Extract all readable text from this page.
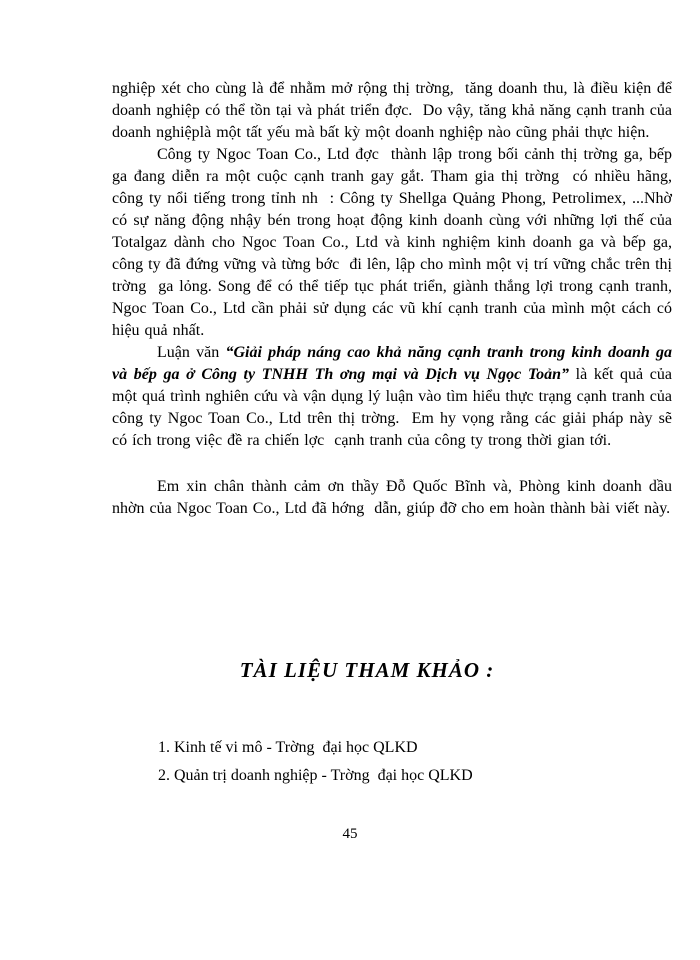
nghiệp xét cho cùng là để nhằm mở rộng thị trờng,  tăng doanh thu, là điều kiện để doanh nghiệp có thể tồn tại và phát triển đợc.  Do vậy, tăng khả năng cạnh tranh của doanh nghiệplà một tất yếu mà bất kỳ một doanh nghiệp nào cũng phải thực hiện.

Công ty Ngoc Toan Co., Ltd đợc  thành lập trong bối cảnh thị trờng ga, bếp ga đang diễn ra một cuộc cạnh tranh gay gắt. Tham gia thị trờng  có nhiều hãng, công ty nổi tiếng trong tỉnh nh  : Công ty Shellga Quảng Phong, Petrolimex, ...Nhờ có sự năng động nhậy bén trong hoạt động kinh doanh cùng với những lợi thế của Totalgaz dành cho Ngoc Toan Co., Ltd và kinh nghiệm kinh doanh ga và bếp ga, công ty đã đứng vững và từng bớc  đi lên, lập cho mình một vị trí vững chắc trên thị trờng  ga lỏng. Song để có thể tiếp tục phát triển, giành thắng lợi trong cạnh tranh, Ngoc Toan Co., Ltd cần phải sử dụng các vũ khí cạnh tranh của mình một cách có hiệu quả nhất.

Luận văn “Giải pháp náng cao khả năng cạnh tranh trong kinh doanh ga và bếp ga ở Công ty TNHH Th ơng mại và Dịch vụ Ngọc Toản” là kết quả của một quá trình nghiên cứu và vận dụng lý luận vào tìm hiểu thực trạng cạnh tranh của công ty Ngoc Toan Co., Ltd trên thị trờng.  Em hy vọng rằng các giải pháp này sẽ có ích trong việc đề ra chiến lợc  cạnh tranh của công ty trong thời gian tới.

Em xin chân thành cảm ơn thầy Đỗ Quốc Bĩnh và, Phòng kinh doanh dầu nhờn của Ngoc Toan Co., Ltd đã hớng  dẫn, giúp đỡ cho em hoàn thành bài viết này.

TÀI LIỆU THAM KHẢO :
1. Kinh tế vi mô - Trờng  đại học QLKD
2. Quản trị doanh nghiệp - Trờng  đại học QLKD
45
